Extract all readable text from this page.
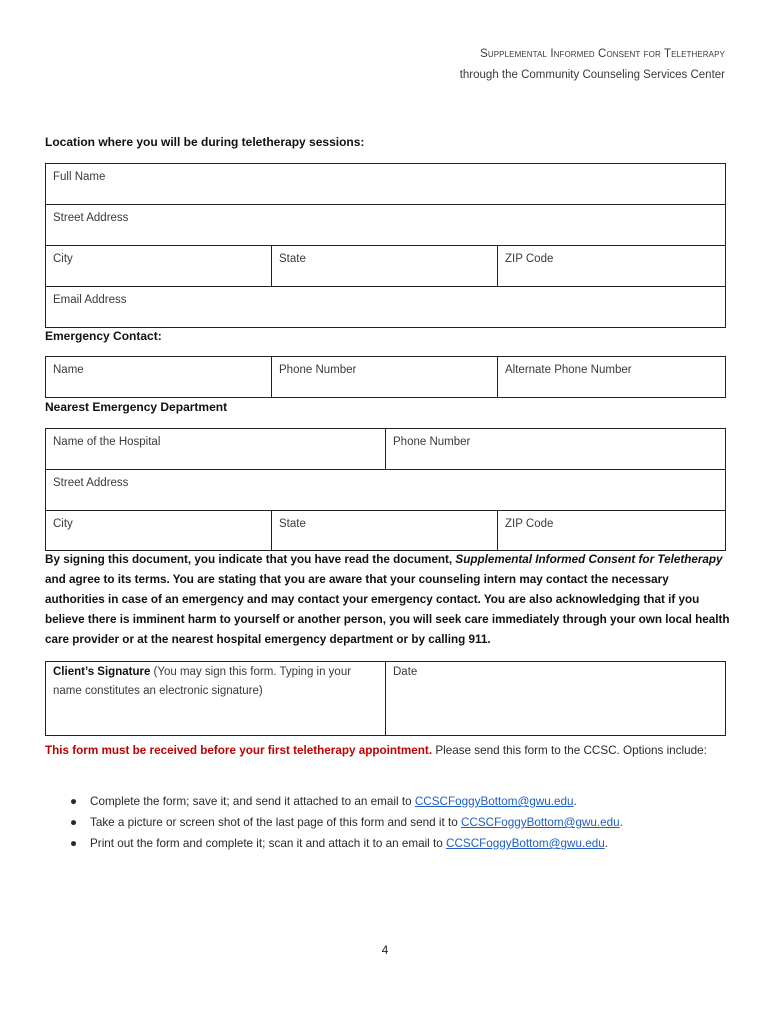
Supplemental Informed Consent for Teletherapy
through the Community Counseling Services Center
Location where you will be during teletherapy sessions:
Full Name
Street Address
City	State	ZIP Code
Email Address
Emergency Contact:
Name	Phone Number	Alternate Phone Number
Nearest Emergency Department
Name of the Hospital		Phone Number	
Street Address			
City	State		ZIP Code
By signing this document, you indicate that you have read the document, Supplemental Informed Consent for Teletherapy and agree to its terms. You are stating that you are aware that your counseling intern may contact the necessary authorities in case of an emergency and may contact your emergency contact. You are also acknowledging that if you believe there is imminent harm to yourself or another person, you will seek care immediately through your own local health care provider or at the nearest hospital emergency department or by calling 911.
Client’s Signature (You may sign this form. Typing in your name constitutes an electronic signature)	Date
This form must be received before your first teletherapy appointment. Please send this form to the CCSC. Options include:
● Complete the form; save it; and send it attached to an email to CCSCFoggyBottom@gwu.edu.
● Take a picture or screen shot of the last page of this form and send it to CCSCFoggyBottom@gwu.edu.
● Print out the form and complete it; scan it and attach it to an email to CCSCFoggyBottom@gwu.edu.
4
